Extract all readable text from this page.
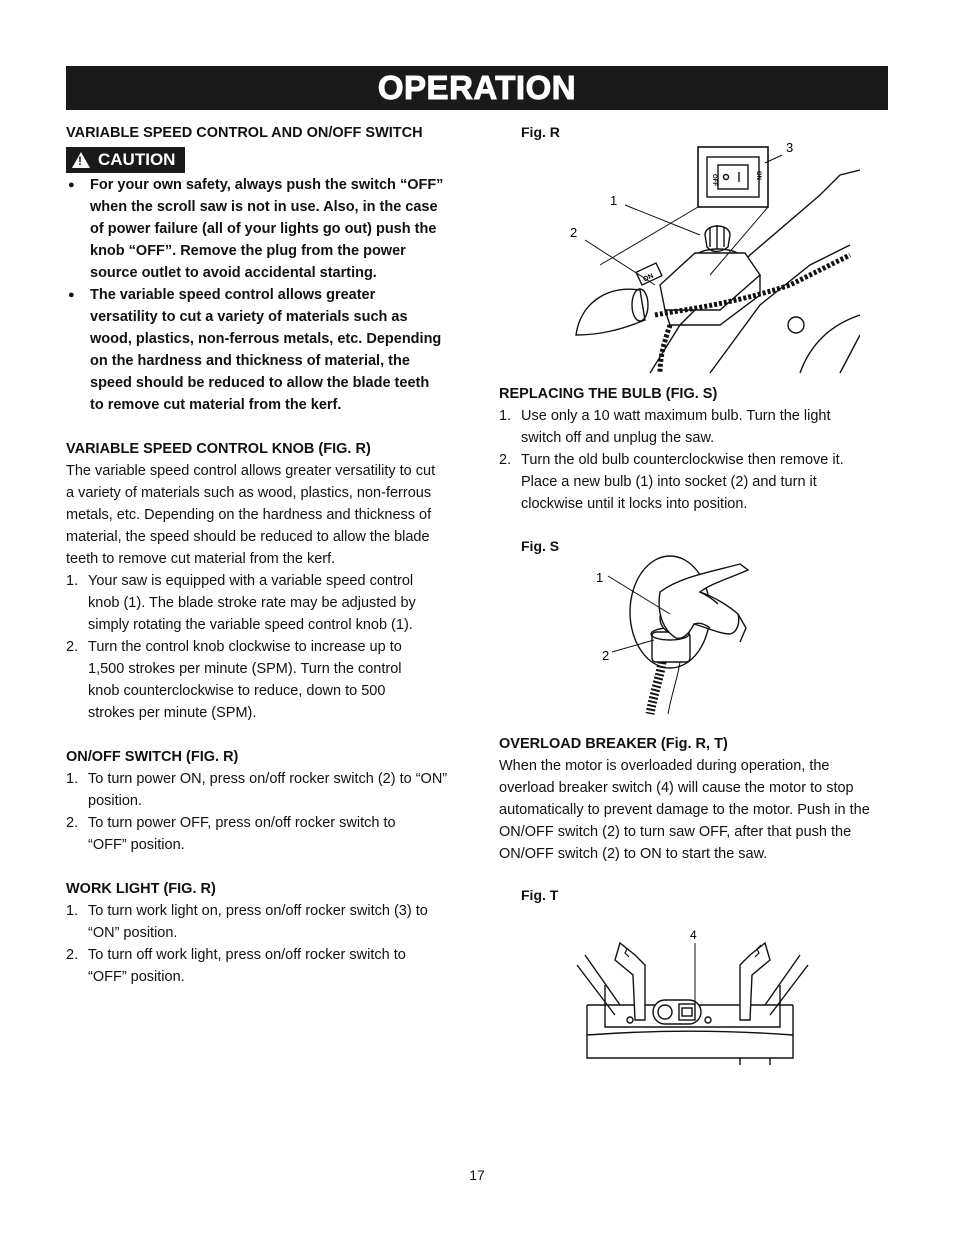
OPERATION
VARIABLE SPEED CONTROL AND ON/OFF SWITCH
! CAUTION
●	For your own safety, always push the switch “OFF” when the scroll saw is not in use. Also, in the case of power failure (all of your lights go out) push the knob “OFF”. Remove the plug from the power source outlet to avoid accidental starting.
●	The variable speed control allows greater versatility to cut a variety of materials such as wood, plastics, non-ferrous metals, etc. Depending on the hardness and thickness of material, the speed should be reduced to allow the blade teeth to remove cut material from the kerf.
VARIABLE SPEED CONTROL KNOB (FIG. R)

The variable speed control allows greater versatility to cut a variety of materials such as wood, plastics, non-ferrous metals, etc. Depending on the hardness and thickness of material, the speed should be reduced to allow the blade teeth to remove cut material from the kerf.

1. Your saw is equipped with a variable speed control knob (1). The blade stroke rate may be adjusted by simply rotating the variable speed control knob (1).
2. Turn the control knob clockwise to increase up to 1,500 strokes per minute (SPM). Turn the control knob counterclockwise to reduce, down to 500 strokes per minute (SPM).
ON/OFF SWITCH (FIG. R)
1. To turn power ON, press on/off rocker switch (2) to “ON” position.
2. To turn power OFF, press on/off rocker switch to “OFF” position.
WORK LIGHT (FIG. R)
1. To turn work light on, press on/off rocker switch (3) to “ON” position.
2. To turn off work light, press on/off rocker switch to “OFF” position.
Fig. R
REPLACING THE BULB (FIG. S)
1. Use only a 10 watt maximum bulb. Turn the light switch off and unplug the saw.
2. Turn the old bulb counterclockwise then remove it. Place a new bulb (1) into socket (2) and turn it clockwise until it locks into position.
Fig. S
OVERLOAD BREAKER (Fig. R, T)

When the motor is overloaded during operation, the overload breaker switch (4) will cause the motor to stop automatically to prevent damage to the motor. Push in the ON/OFF switch (2) to turn saw OFF, after that push the ON/OFF switch (2) to ON to start the saw.

Fig. T
3
1
2
OFF	ON
ON
1
2
4
17
